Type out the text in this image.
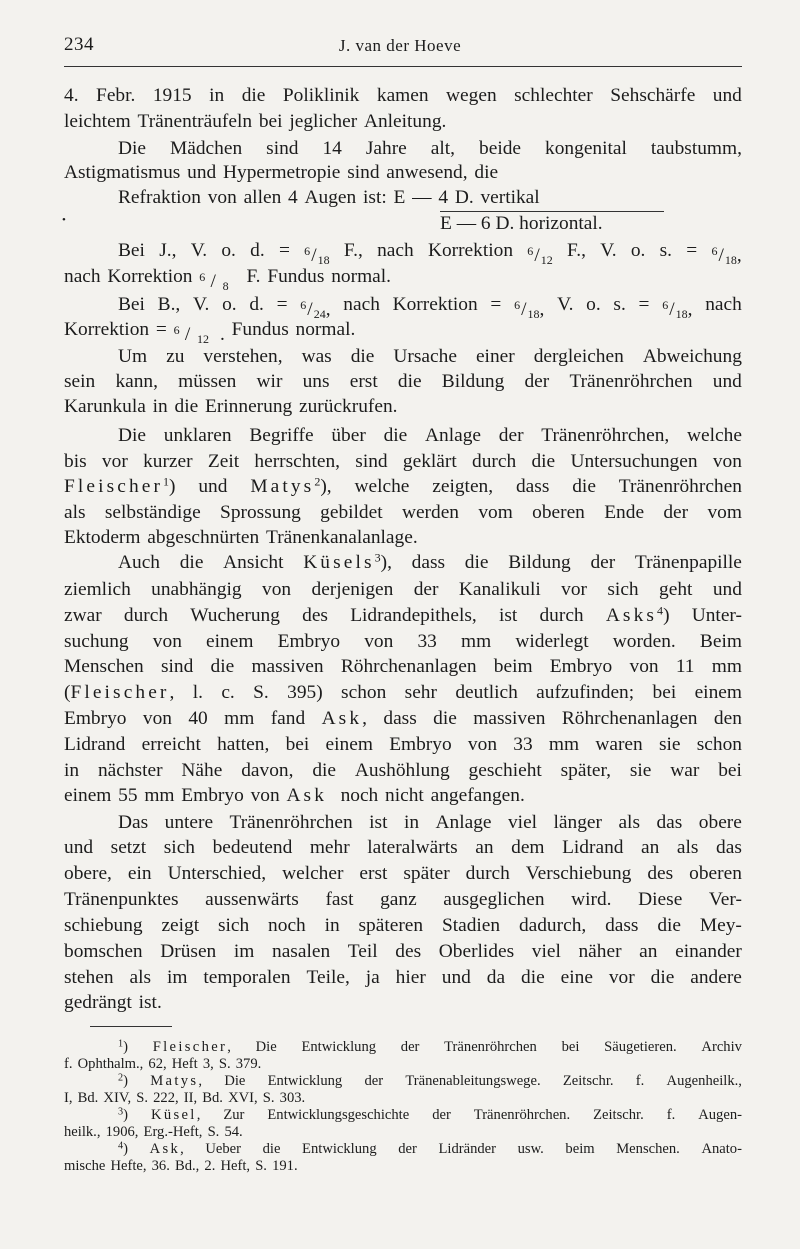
234	J. van der Hoeve
4. Febr. 1915 in die Poliklinik kamen wegen schlechter Sehschärfe und
leichtem Tränenträufeln bei jeglicher Anleitung.
Die Mädchen sind 14 Jahre alt, beide kongenital taubstumm,
Astigmatismus und Hypermetropie sind anwesend, die
Refraktion von allen 4 Augen ist: E — 4 D. vertikal
Bei J., V. o. d. = $^6$/18 F., nach Korrektion $^6$/12 F., V. o. s. = $^6$/18,
nach Korrektion $^6$ / 8 F. Fundus normal.
Bei B., V. o. d. = $^6$/24, nach Korrektion = $^6$/18, V. o. s. = $^6$/18, nach
Korrektion = $^6$ / 12 . Fundus normal.
Um zu verstehen, was die Ursache einer dergleichen Abweichung
sein kann, müssen wir uns erst die Bildung der Tränenröhrchen und
Karunkula in die Erinnerung zurückrufen.
Die unklaren Begriffe über die Anlage der Tränenröhrchen, welche
bis vor kurzer Zeit herrschten, sind geklärt durch die Untersuchungen von
Fleischer$^1$) und Matys$^2$), welche zeigten, dass die Tränenröhrchen
als selbständige Sprossung gebildet werden vom oberen Ende der vom
Ektoderm abgeschnürten Tränenkanalanlage.
Auch die Ansicht Küsels$^3$), dass die Bildung der Tränenpapille
ziemlich unabhängig von derjenigen der Kanalikuli vor sich geht und
zwar durch Wucherung des Lidrandepithels, ist durch Asks$^4$) Unter-
suchung von einem Embryo von 33 mm widerlegt worden. Beim
Menschen sind die massiven Röhrchenanlagen beim Embryo von 11 mm
(Fleischer, l. c. S. 395) schon sehr deutlich aufzufinden; bei einem
Embryo von 40 mm fand Ask, dass die massiven Röhrchenanlagen den
Lidrand erreicht hatten, bei einem Embryo von 33 mm waren sie schon
in nächster Nähe davon, die Aushöhlung geschieht später, sie war bei
einem 55 mm Embryo von Ask noch nicht angefangen.
Das untere Tränenröhrchen ist in Anlage viel länger als das obere
und setzt sich bedeutend mehr lateralwärts an dem Lidrand an als das
obere, ein Unterschied, welcher erst später durch Verschiebung des oberen
Tränenpunktes aussenwärts fast ganz ausgeglichen wird. Diese Ver-
schiebung zeigt sich noch in späteren Stadien dadurch, dass die Mey-
bomschen Drüsen im nasalen Teil des Oberlides viel näher an einander
stehen als im temporalen Teile, ja hier und da die eine vor die andere
gedrängt ist.
•	E — 6 D. horizontal.
$^1$) Fleischer, Die Entwicklung der Tränenröhrchen bei Säugetieren. Archiv
f. Ophthalm., 62, Heft 3, S. 379.
$^2$) Matys, Die Entwicklung der Tränenableitungswege. Zeitschr. f. Augenheilk.,
I, Bd. XIV, S. 222, II, Bd. XVI, S. 303.
$^3$) Küsel, Zur Entwicklungsgeschichte der Tränenröhrchen. Zeitschr. f. Augen-
heilk., 1906, Erg.-Heft, S. 54.
$^4$) Ask, Ueber die Entwicklung der Lidränder usw. beim Menschen. Anato-
mische Hefte, 36. Bd., 2. Heft, S. 191.
